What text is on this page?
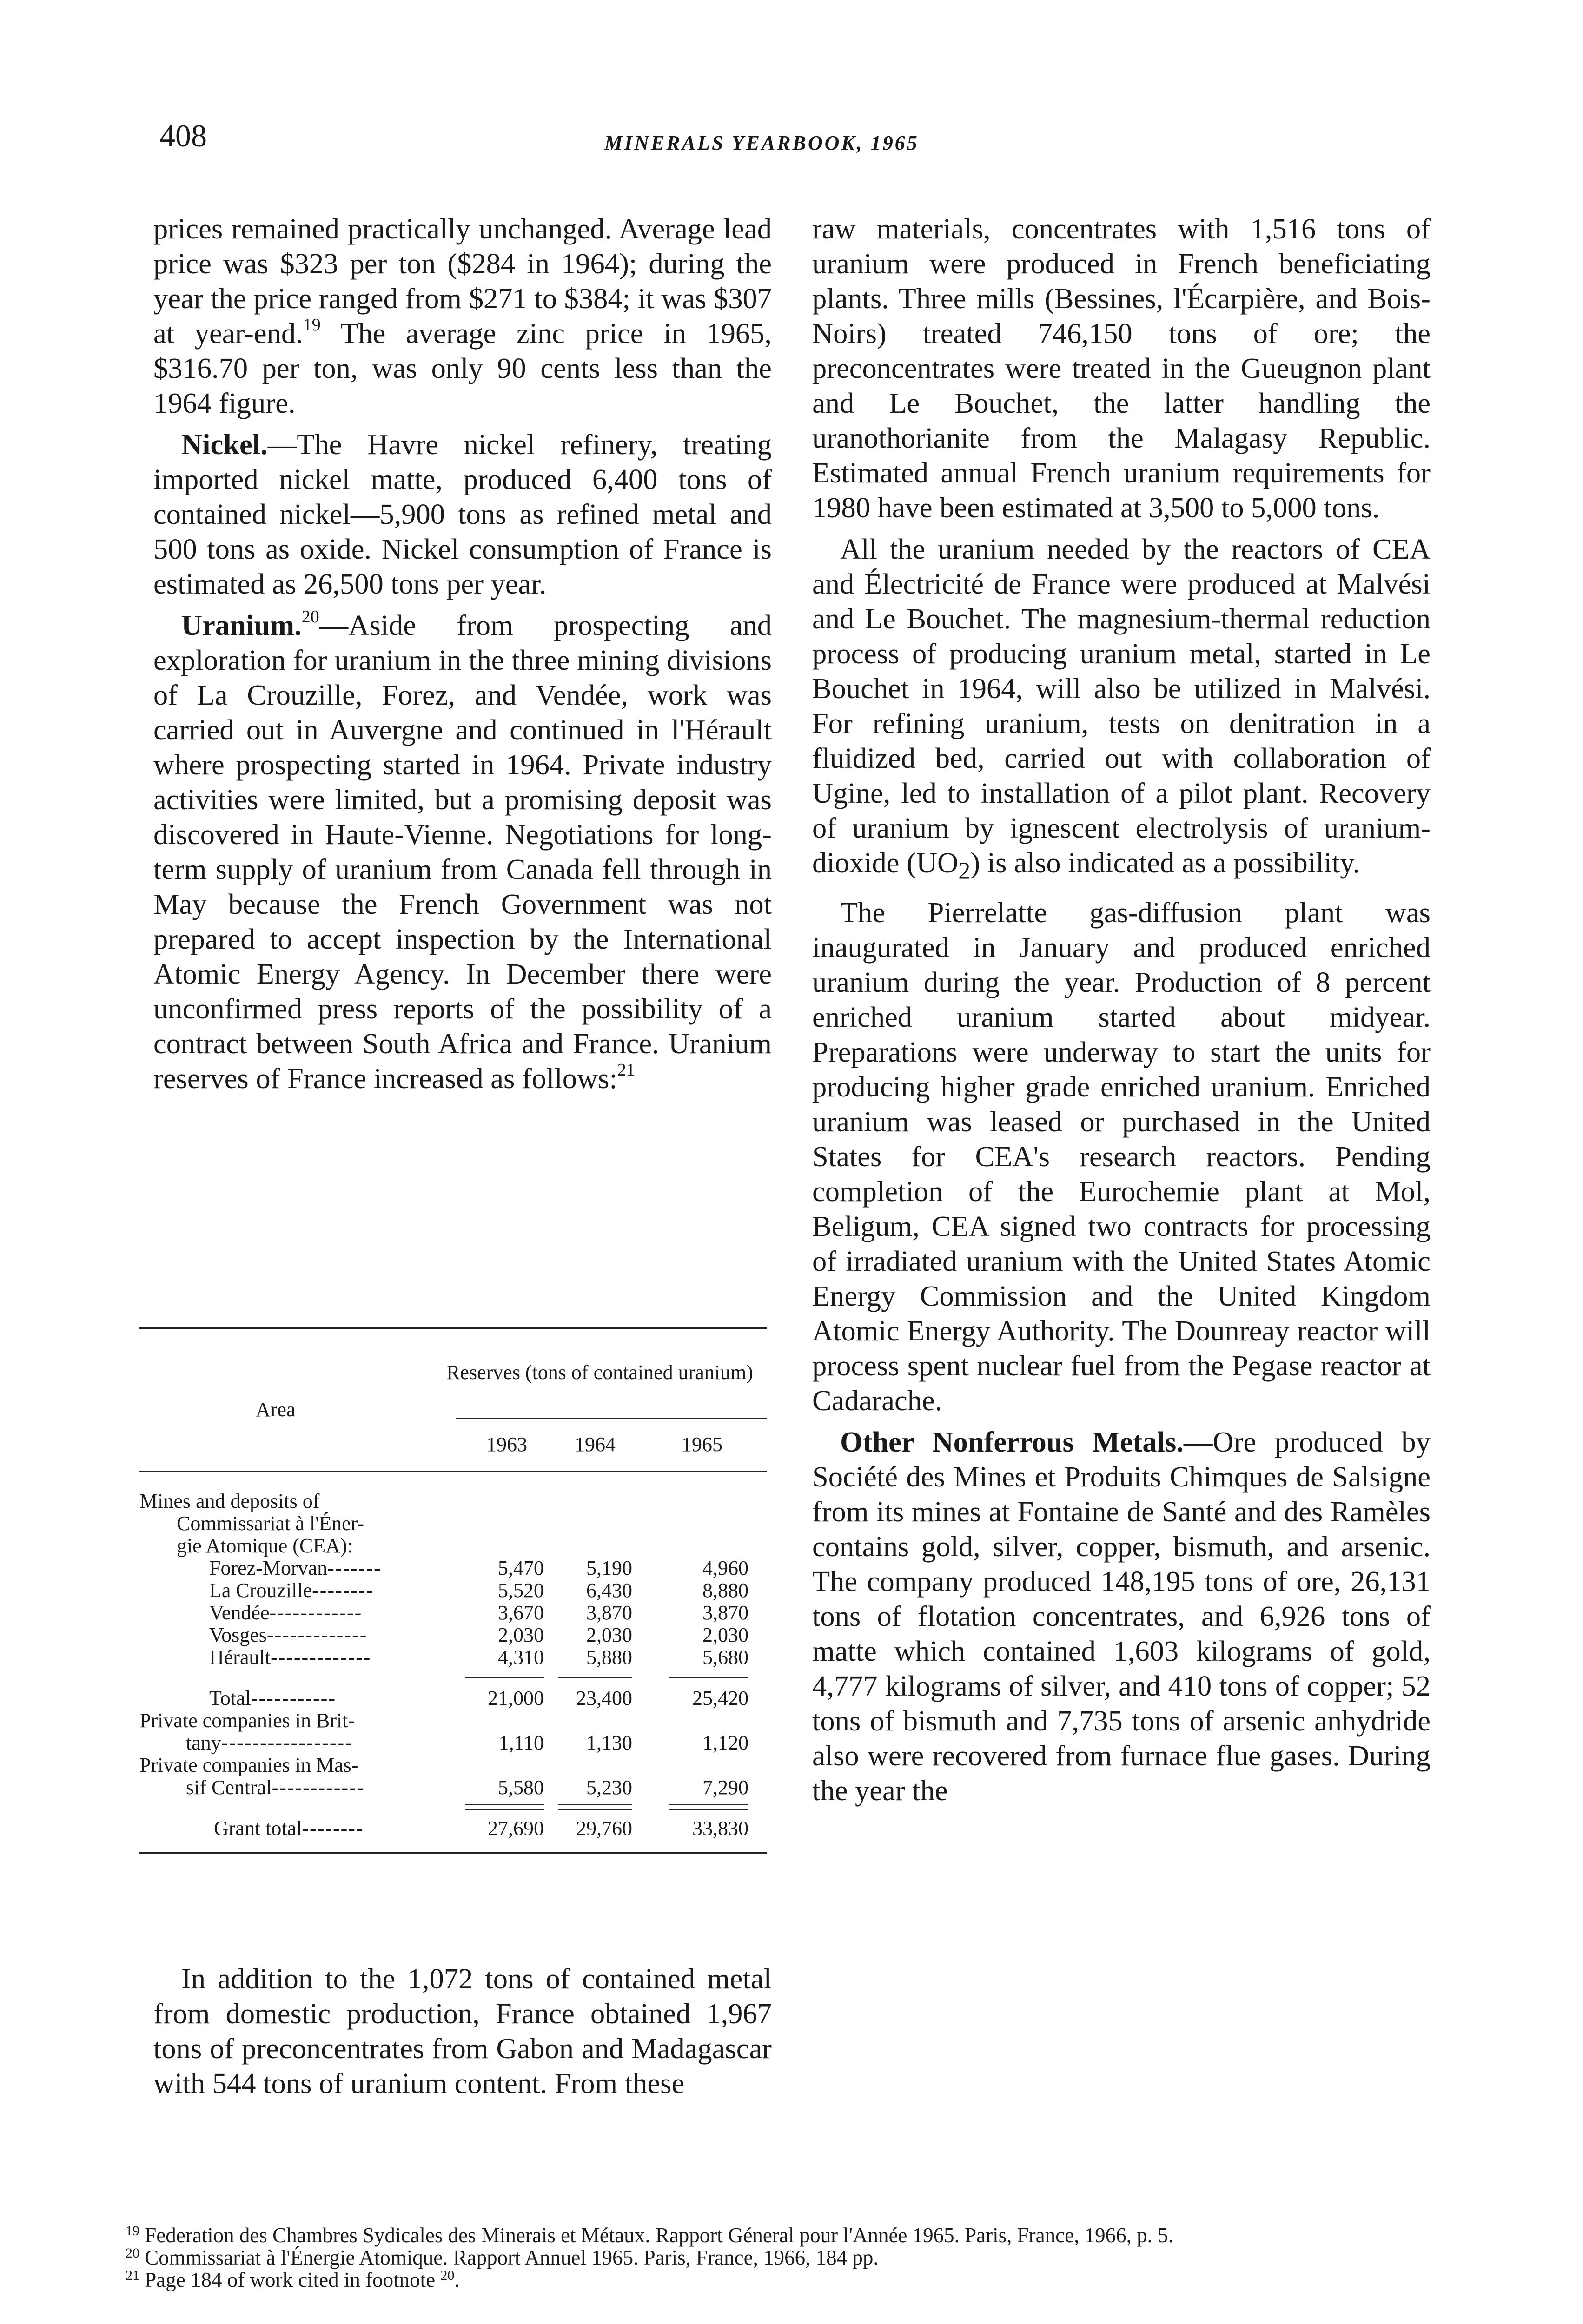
408	MINERALS YEARBOOK, 1965

prices remained practically unchanged. Average lead price was $323 per ton ($284 in 1964); during the year the price ranged from $271 to $384; it was $307 at year-end.$^{19}$ The average zinc price in 1965, $316.70 per ton, was only 90 cents less than the 1964 figure.

Nickel.—The Havre nickel refinery, treating imported nickel matte, produced 6,400 tons of contained nickel—5,900 tons as refined metal and 500 tons as oxide. Nickel consumption of France is estimated as 26,500 tons per year.

Uranium.$^{20}$—Aside from prospecting and exploration for uranium in the three mining divisions of La Crouzille, Forez, and Vendée, work was carried out in Auvergne and continued in l'Hérault where prospecting started in 1964. Private industry activities were limited, but a promising deposit was discovered in Haute-Vienne. Negotiations for long-term supply of uranium from Canada fell through in May because the French Government was not prepared to accept inspection by the International Atomic Energy Agency. In December there were unconfirmed press reports of the possibility of a contract between South Africa and France. Uranium reserves of France increased as follows:$^{21}$

Area
Reserves (tons of contained uranium)
1963	1964	1965
Mines and deposits of
Commissariat à l'Éner-
gie Atomique (CEA):
Forez-Morvan-------	5,470	5,190	4,960
La Crouzille--------	5,520	6,430	8,880
Vendée------------	3,670	3,870	3,870
Vosges-------------	2,030	2,030	2,030
Hérault-------------	4,310	5,880	5,680
Total-----------	21,000	23,400	25,420
Private companies in Brit-
tany-----------------	1,110	1,130	1,120
Private companies in Mas-
sif Central------------	5,580	5,230	7,290
Grant total--------	27,690	29,760	33,830

In addition to the 1,072 tons of contained metal from domestic production, France obtained 1,967 tons of preconcentrates from Gabon and Madagascar with 544 tons of uranium content. From these

raw materials, concentrates with 1,516 tons of uranium were produced in French beneficiating plants. Three mills (Bessines, l'Écarpière, and Bois-Noirs) treated 746,150 tons of ore; the preconcentrates were treated in the Gueugnon plant and Le Bouchet, the latter handling the uranothorianite from the Malagasy Republic. Estimated annual French uranium requirements for 1980 have been estimated at 3,500 to 5,000 tons.

All the uranium needed by the reactors of CEA and Électricité de France were produced at Malvési and Le Bouchet. The magnesium-thermal reduction process of producing uranium metal, started in Le Bouchet in 1964, will also be utilized in Malvési. For refining uranium, tests on denitration in a fluidized bed, carried out with collaboration of Ugine, led to installation of a pilot plant. Recovery of uranium by ignescent electrolysis of uranium-dioxide $(UO_2)$ is also indicated as a possibility.

The Pierrelatte gas-diffusion plant was inaugurated in January and produced enriched uranium during the year. Production of 8 percent enriched uranium started about midyear. Preparations were underway to start the units for producing higher grade enriched uranium. Enriched uranium was leased or purchased in the United States for CEA's research reactors. Pending completion of the Eurochemie plant at Mol, Beligum, CEA signed two contracts for processing of irradiated uranium with the United States Atomic Energy Commission and the United Kingdom Atomic Energy Authority. The Dounreay reactor will process spent nuclear fuel from the Pegase reactor at Cadarache.

Other Nonferrous Metals.—Ore produced by Société des Mines et Produits Chimques de Salsigne from its mines at Fontaine de Santé and des Ramèles contains gold, silver, copper, bismuth, and arsenic. The company produced 148,195 tons of ore, 26,131 tons of flotation concentrates, and 6,926 tons of matte which contained 1,603 kilograms of gold, 4,777 kilograms of silver, and 410 tons of copper; 52 tons of bismuth and 7,735 tons of arsenic anhydride also were recovered from furnace flue gases. During the year the

$^{19}$ Federation des Chambres Sydicales des Minerais et Métaux. Rapport Géneral pour l'Année 1965. Paris, France, 1966, p. 5.

$^{20}$ Commissariat à l'Énergie Atomique. Rapport Annuel 1965. Paris, France, 1966, 184 pp.

$^{21}$ Page 184 of work cited in footnote $^{20}$.
